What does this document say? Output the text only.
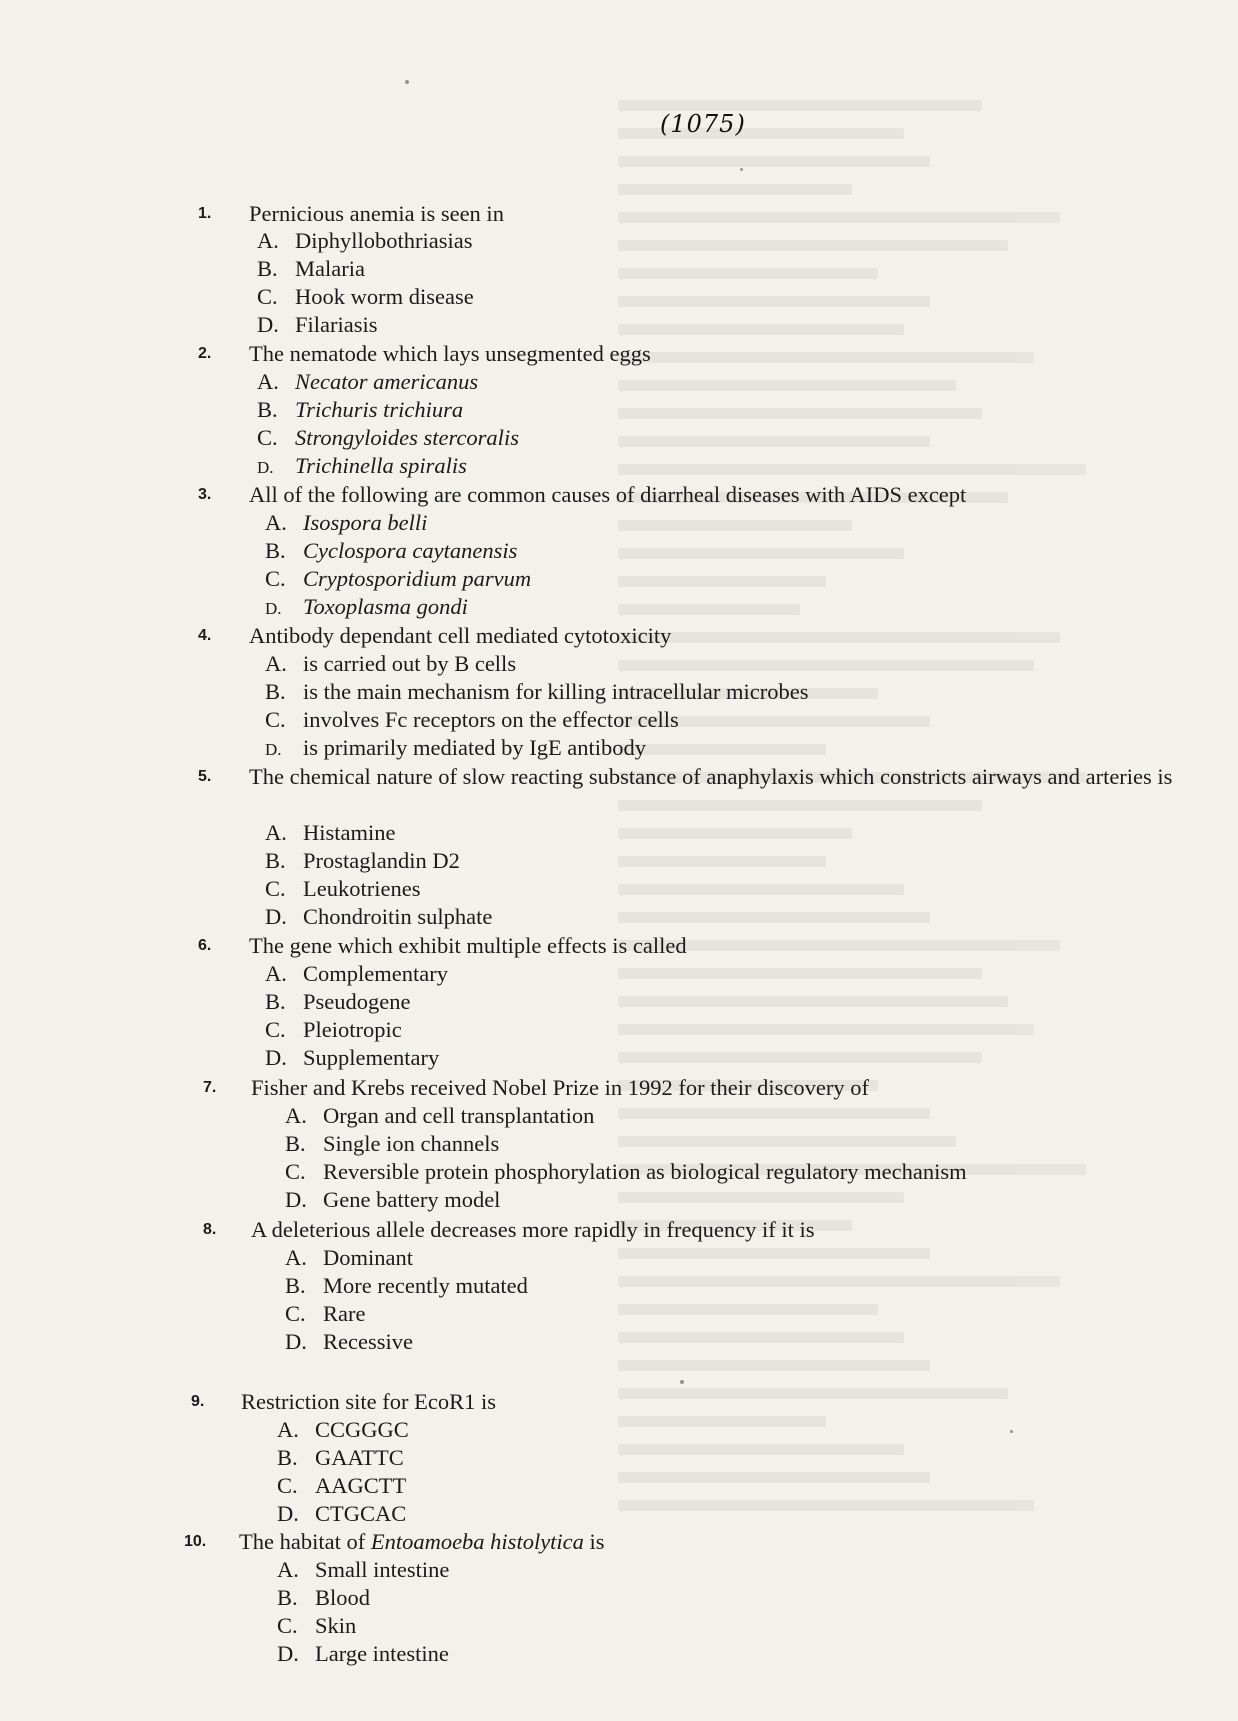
(1075)
1. Pernicious anemia is seen in
A. Diphyllobothriasias
B. Malaria
C. Hook worm disease
D. Filariasis
2. The nematode which lays unsegmented eggs
A. Necator americanus
B. Trichuris trichiura
C. Strongyloides stercoralis
D. Trichinella spiralis
3. All of the following are common causes of diarrheal diseases with AIDS except
A. Isospora belli
B. Cyclospora caytanensis
C. Cryptosporidium parvum
D. Toxoplasma gondi
4. Antibody dependant cell mediated cytotoxicity
A. is carried out by B cells
B. is the main mechanism for killing intracellular microbes
C. involves Fc receptors on the effector cells
D. is primarily mediated by IgE antibody
5. The chemical nature of slow reacting substance of anaphylaxis which constricts airways and arteries is
A. Histamine
B. Prostaglandin D2
C. Leukotrienes
D. Chondroitin sulphate
6. The gene which exhibit multiple effects is called
A. Complementary
B. Pseudogene
C. Pleiotropic
D. Supplementary
7. Fisher and Krebs received Nobel Prize in 1992 for their discovery of
A. Organ and cell transplantation
B. Single ion channels
C. Reversible protein phosphorylation as biological regulatory mechanism
D. Gene battery model
8. A deleterious allele decreases more rapidly in frequency if it is
A. Dominant
B. More recently mutated
C. Rare
D. Recessive
9. Restriction site for EcoR1 is
A. CCGGGC
B. GAATTC
C. AAGCTT
D. CTGCAC
10. The habitat of Entoamoeba histolytica is
A. Small intestine
B. Blood
C. Skin
D. Large intestine
